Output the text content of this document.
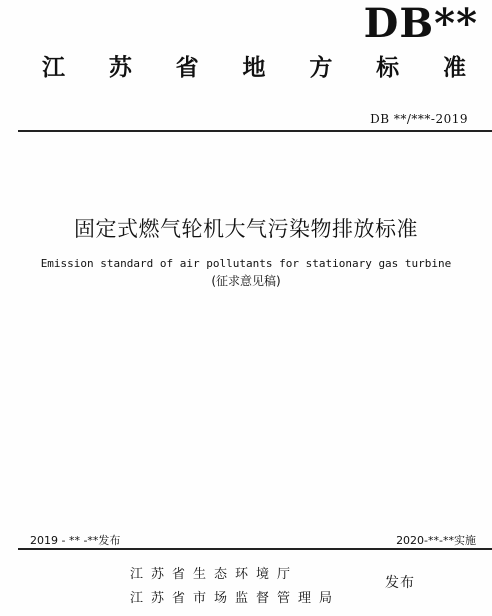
DB**
江 苏 省 地 方 标 准
DB **/***-2019
固定式燃气轮机大气污染物排放标准
Emission standard of air pollutants for stationary gas turbine
(征求意见稿)
2019 - ** -**发布	2020-**-**实施
江苏省生态环境厅
江苏省市场监督管理局
发布
